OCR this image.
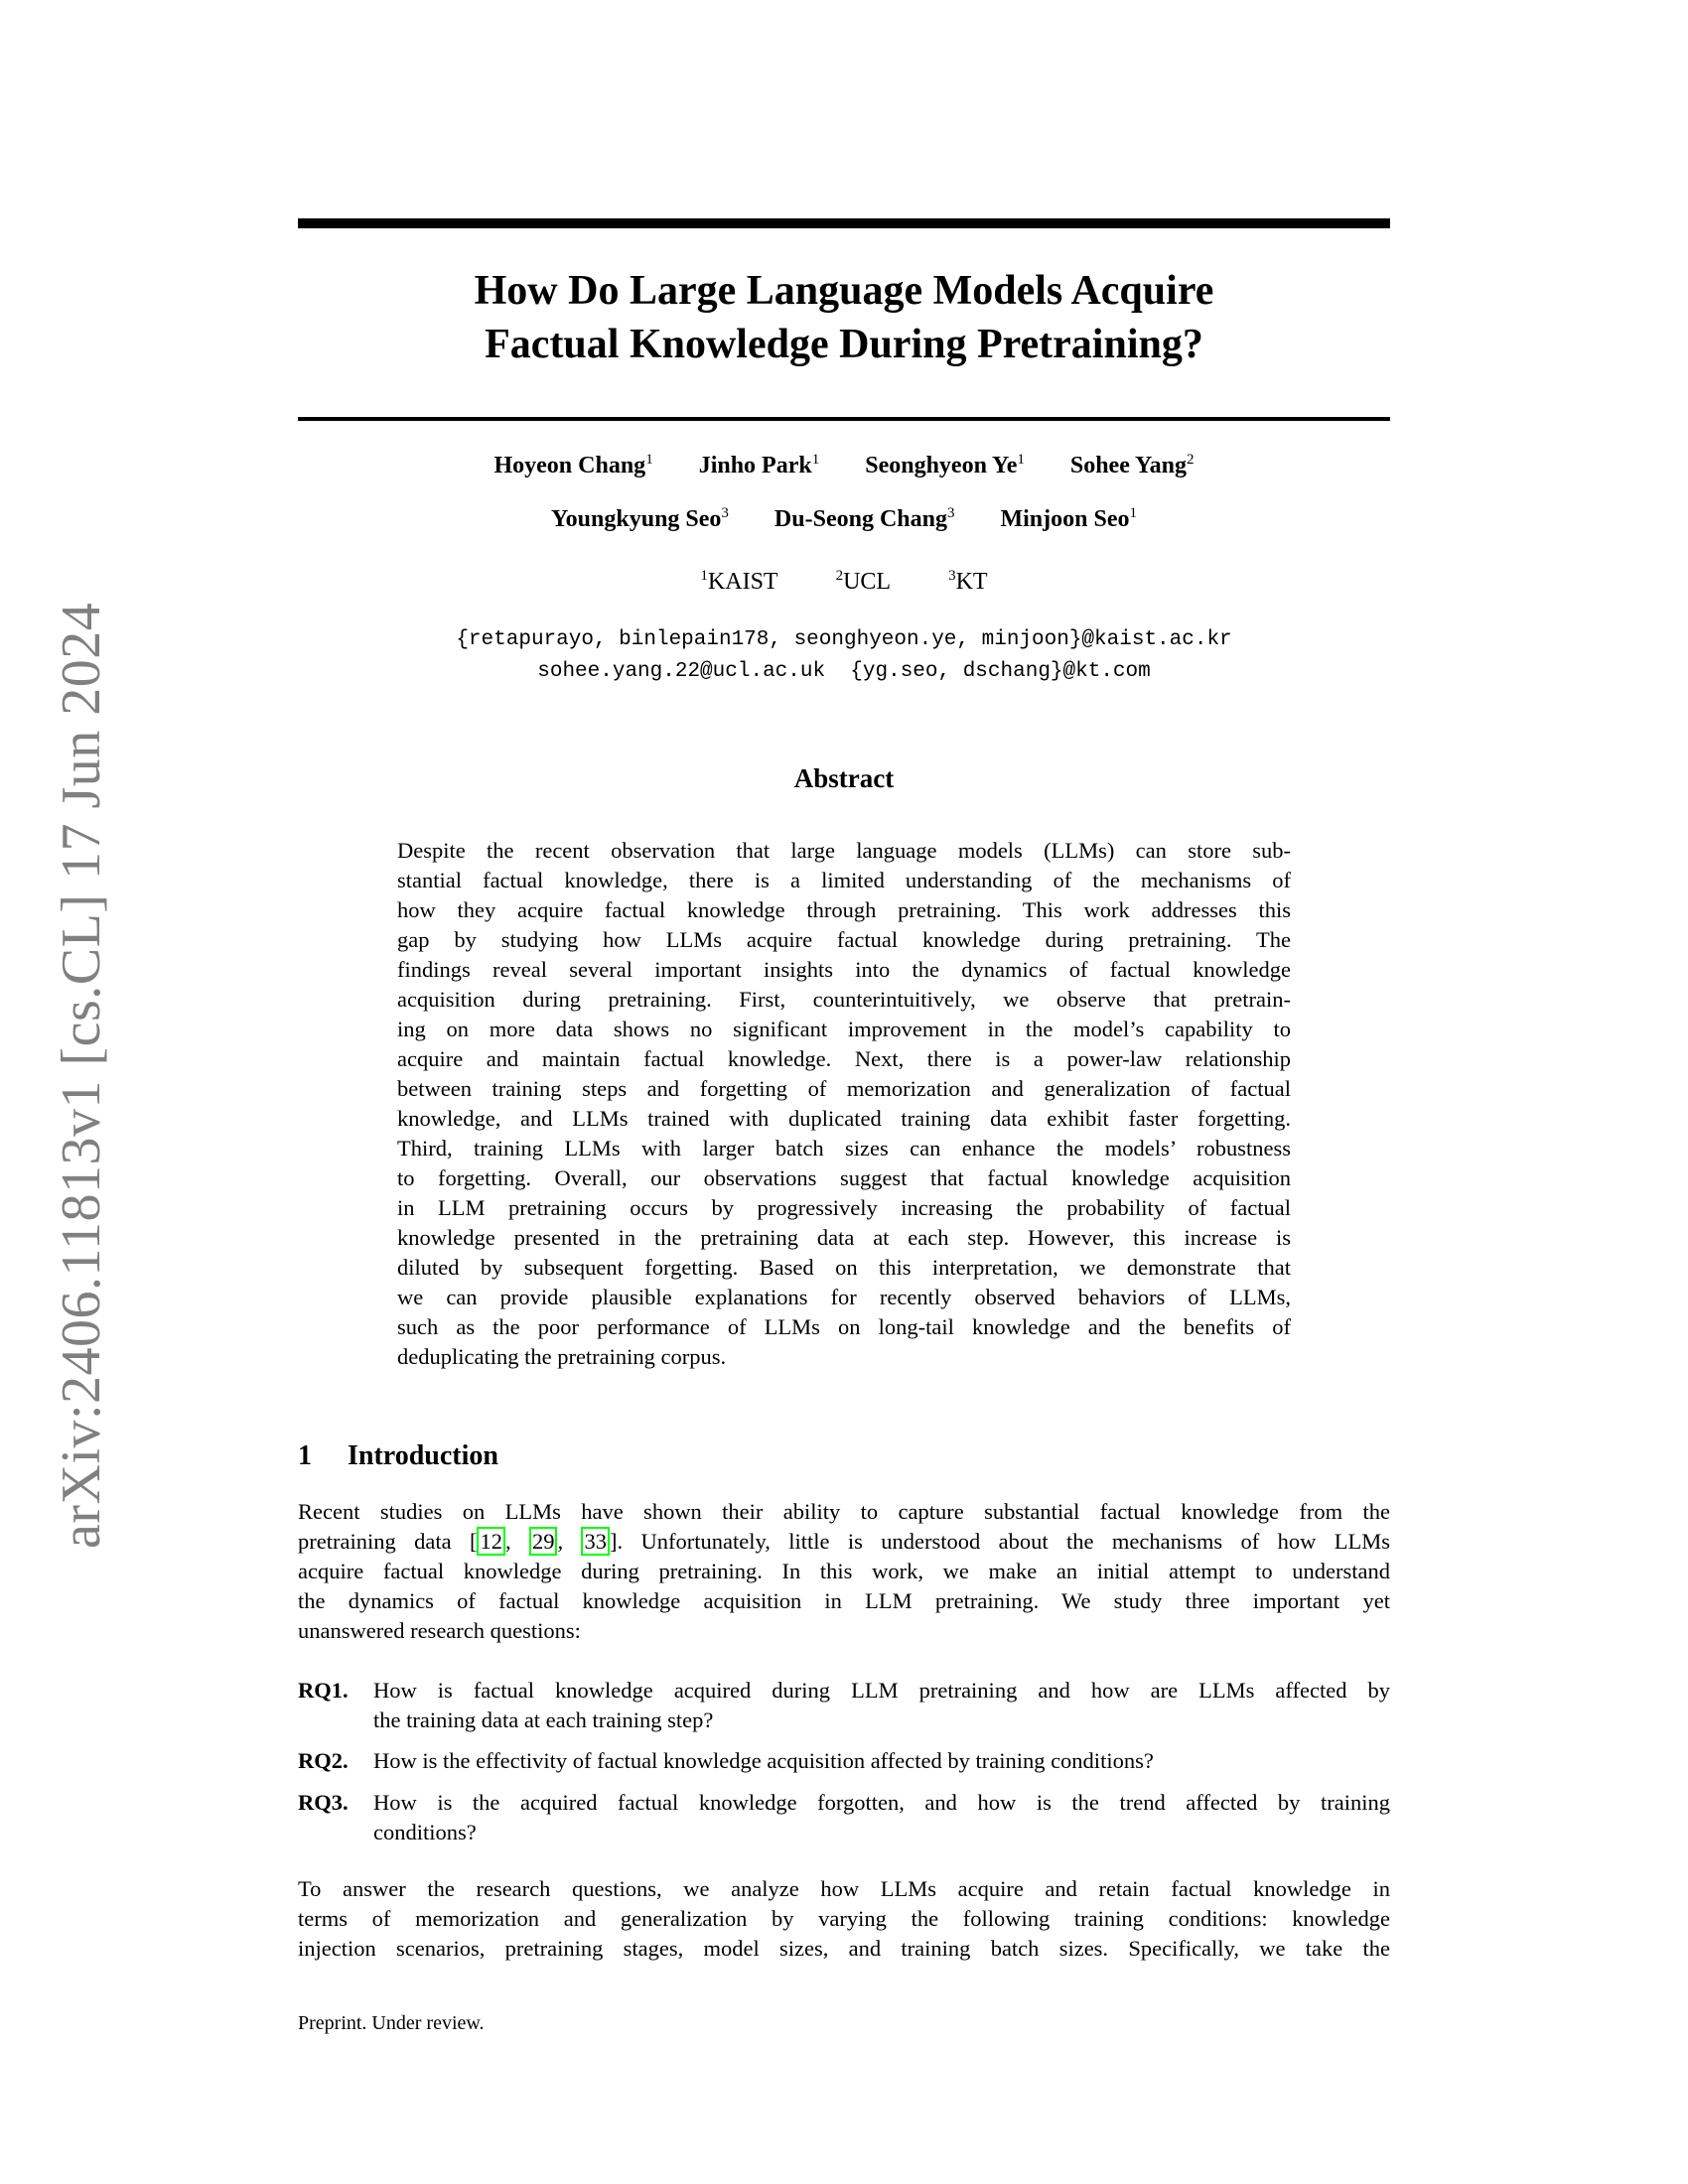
arXiv:2406.11813v1 [cs.CL] 17 Jun 2024
How Do Large Language Models Acquire
Factual Knowledge During Pretraining?
Hoyeon Chang$^1$ Jinho Park$^1$ Seonghyeon Ye$^1$ Sohee Yang$^2$
Youngkyung Seo$^3$ Du-Seong Chang$^3$ Minjoon Seo$^1$
$^1$KAIST	$^2$UCL	$^3$KT
{retapurayo, binlepain178, seonghyeon.ye, minjoon}@kaist.ac.kr
sohee.yang.22@ucl.ac.uk  {yg.seo, dschang}@kt.com
Abstract
Despite the recent observation that large language models (LLMs) can store sub-
stantial factual knowledge, there is a limited understanding of the mechanisms of
how they acquire factual knowledge through pretraining. This work addresses this
gap by studying how LLMs acquire factual knowledge during pretraining. The
findings reveal several important insights into the dynamics of factual knowledge
acquisition during pretraining. First, counterintuitively, we observe that pretrain-
ing on more data shows no significant improvement in the model’s capability to
acquire and maintain factual knowledge. Next, there is a power-law relationship
between training steps and forgetting of memorization and generalization of factual
knowledge, and LLMs trained with duplicated training data exhibit faster forgetting.
Third, training LLMs with larger batch sizes can enhance the models’ robustness
to forgetting. Overall, our observations suggest that factual knowledge acquisition
in LLM pretraining occurs by progressively increasing the probability of factual
knowledge presented in the pretraining data at each step. However, this increase is
diluted by subsequent forgetting. Based on this interpretation, we demonstrate that
we can provide plausible explanations for recently observed behaviors of LLMs,
such as the poor performance of LLMs on long-tail knowledge and the benefits of
deduplicating the pretraining corpus.
1 Introduction
Recent studies on LLMs have shown their ability to capture substantial factual knowledge from the
pretraining data [ 12 , 29 , 33 ]. Unfortunately, little is understood about the mechanisms of how LLMs
acquire factual knowledge during pretraining. In this work, we make an initial attempt to understand
the dynamics of factual knowledge acquisition in LLM pretraining. We study three important yet
unanswered research questions:
RQ1. How is factual knowledge acquired during LLM pretraining and how are LLMs affected by
the training data at each training step?
RQ2. How is the effectivity of factual knowledge acquisition affected by training conditions?
RQ3. How is the acquired factual knowledge forgotten, and how is the trend affected by training
conditions?
To answer the research questions, we analyze how LLMs acquire and retain factual knowledge in
terms of memorization and generalization by varying the following training conditions: knowledge
injection scenarios, pretraining stages, model sizes, and training batch sizes. Specifically, we take the
Preprint. Under review.
